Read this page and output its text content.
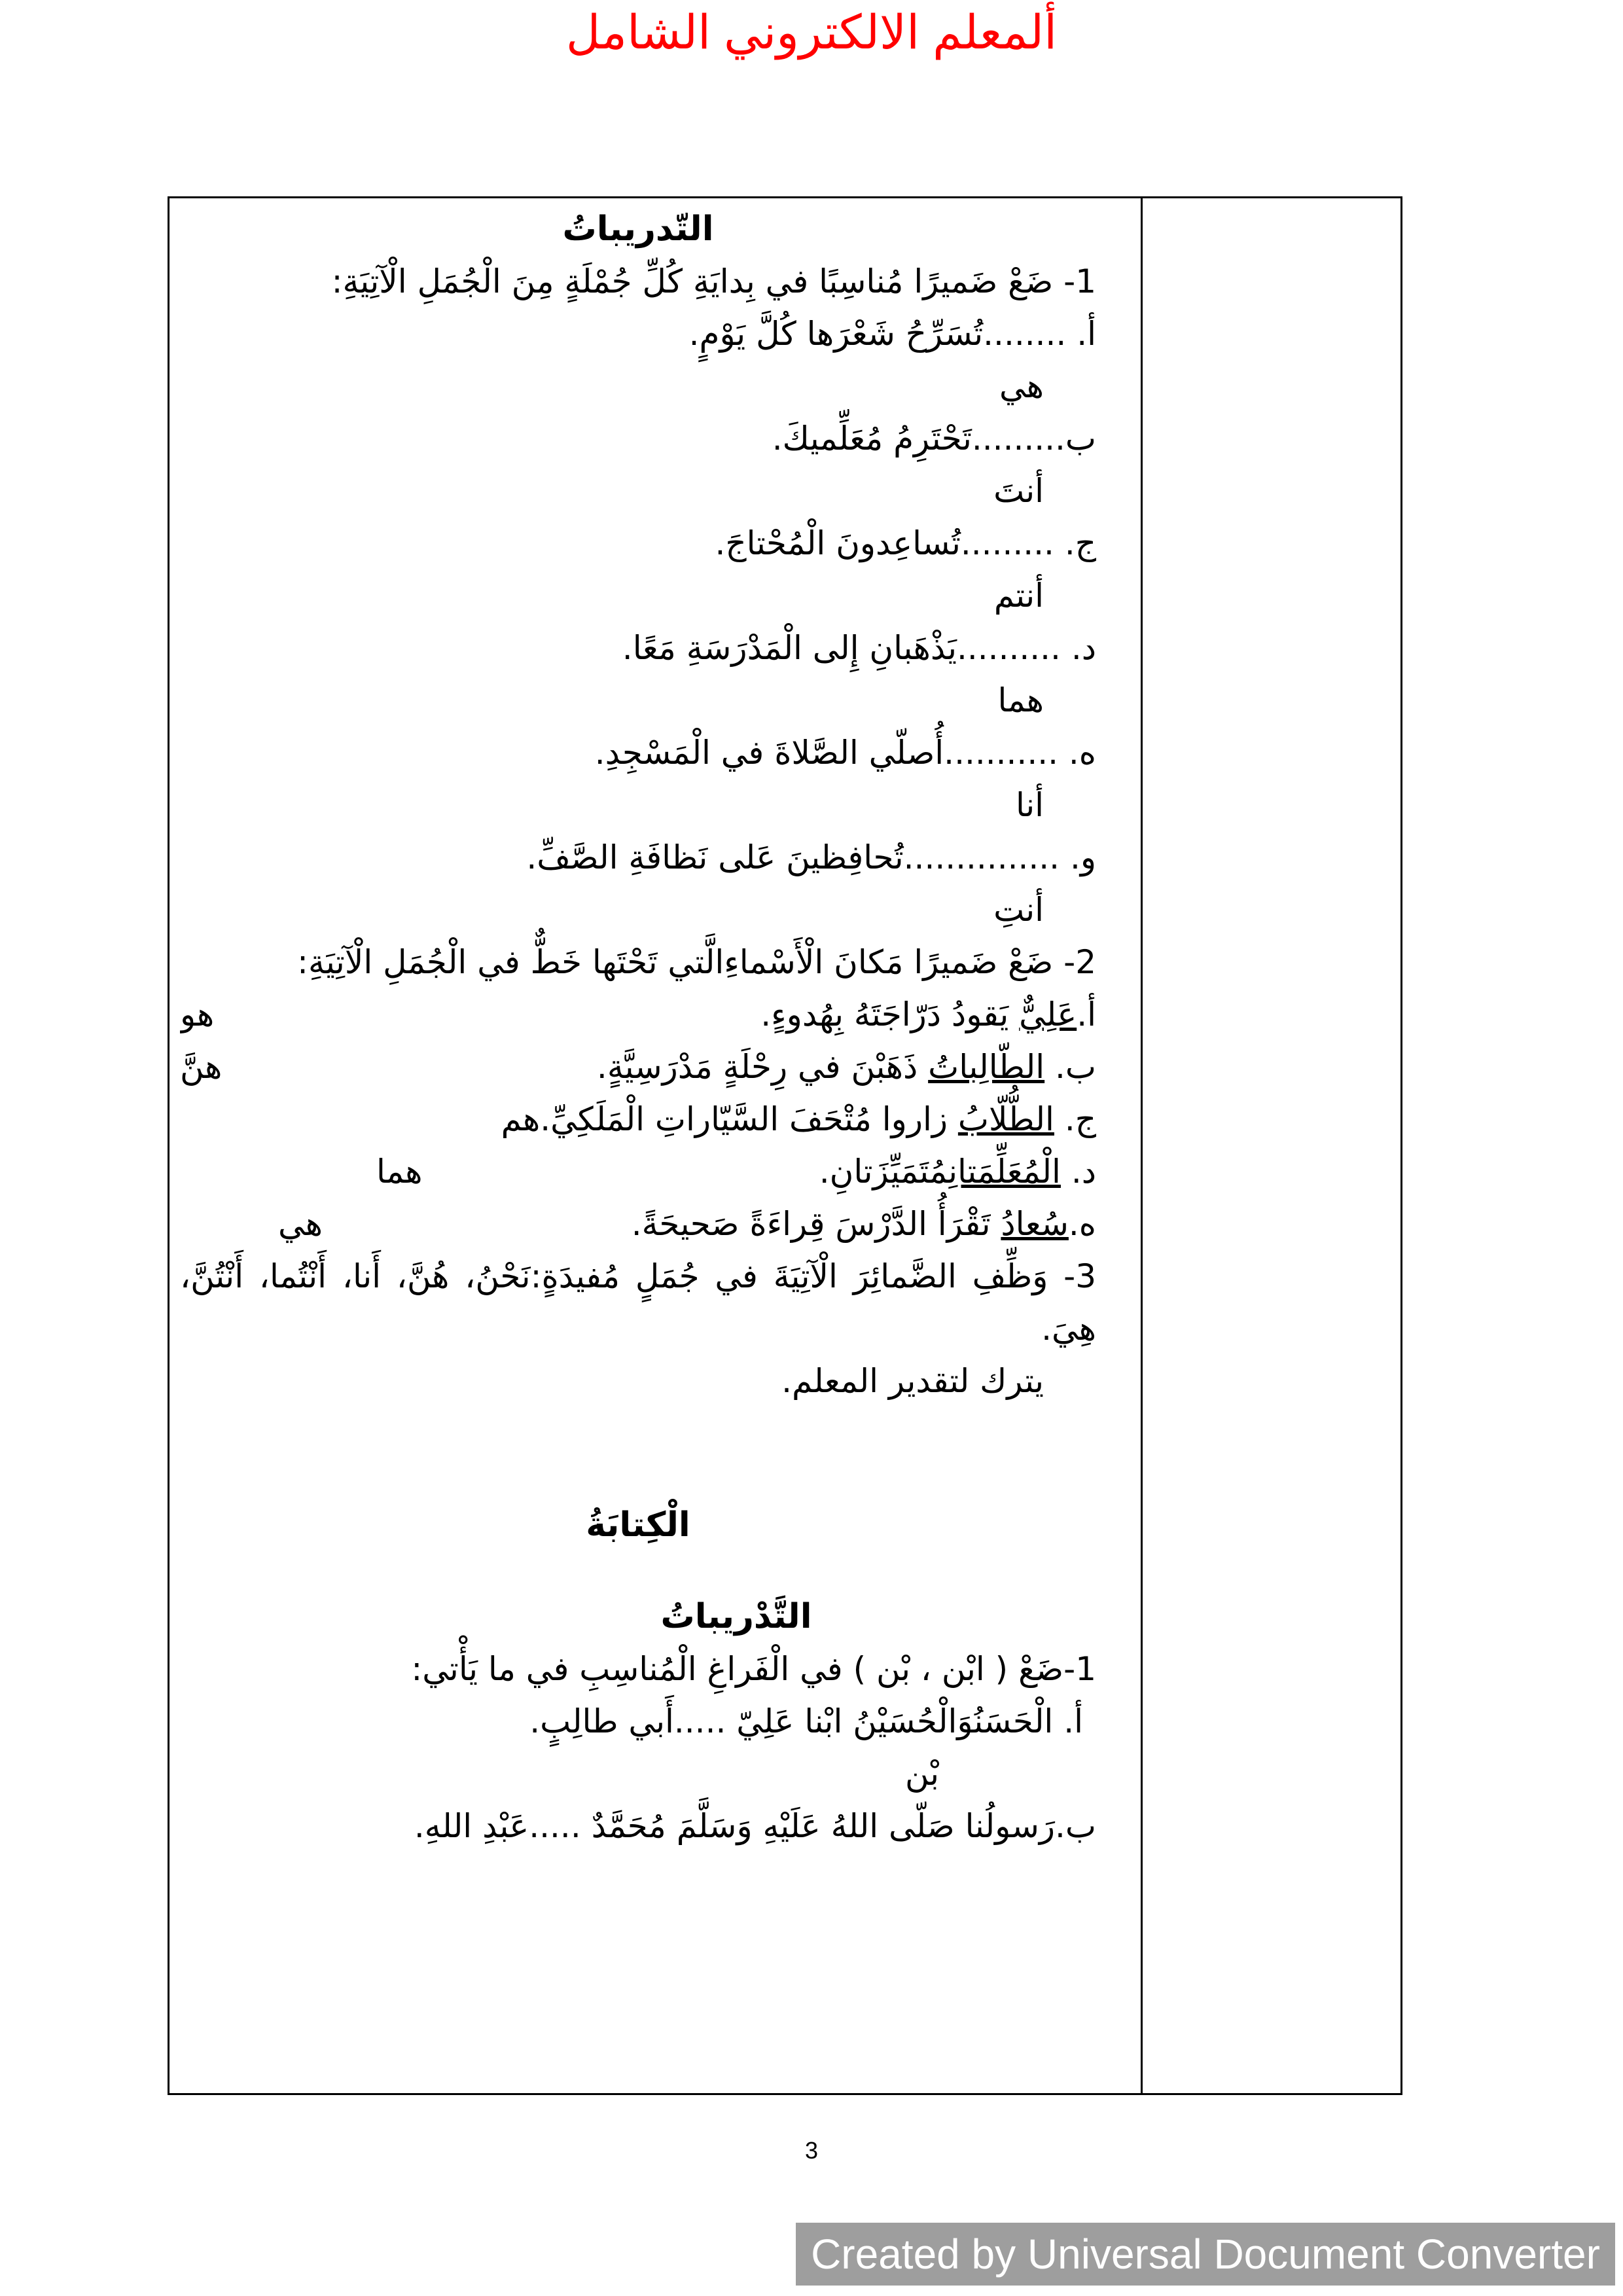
ألمعلم الالكتروني الشامل

التّدريباتُ

1- ضَعْ ضَميرًا مُناسِبًا في بِدايَةِ كُلِّ جُمْلَةٍ مِنَ الْجُمَلِ الْآتِيَةِ:

أ. ........تُسَرِّحُ شَعْرَها كُلَّ يَوْمٍ.

هي

ب.........تَحْتَرِمُ مُعَلِّميكَ.

أنتَ

ج. .........تُساعِدونَ الْمُحْتاجَ.

أنتم

د. ..........يَذْهَبانِ إِلى الْمَدْرَسَةِ مَعًا.

هما

ه. ...........أُصلّي الصَّلاةَ في الْمَسْجِدِ.

أنا

و. ...............تُحافِظينَ عَلى نَظافَةِ الصَّفِّ.

أنتِ

2- ضَعْ ضَميرًا مَكانَ الْأَسْماءِالَّتي تَحْتَها خَطٌّ في الْجُمَلِ الْآتِيَةِ:

أ.عَلِيٌّ يَقودُ دَرّاجَتَهُ بِهُدوءٍ.
هو

ب. الطّالِباتُ ذَهَبْنَ في رِحْلَةٍ مَدْرَسِيَّةٍ.
هنَّ

ج. الطُّلّابُ زاروا مُتْحَفَ السَّيّاراتِ الْمَلَكِيِّ.هم

د. الْمُعَلِّمَتانِمُتَمَيِّزَتانِ.
هما

ه.سُعادُ تَقْرَأُ الدَّرْسَ قِراءَةً صَحيحَةً.
هي

3- وَظِّفِ الضَّمائِرَ الْآتِيَةَ في جُمَلٍ مُفيدَةٍ:نَحْنُ، هُنَّ، أَنا، أَنْتُما، أَنْتُنَّ، هِيَ.

يترك لتقدير المعلم.

الْكِتابَةُ

التَّدْريباتُ

1-ضَعْ ( ابْن ، بْن ) في الْفَراغِ الْمُناسِبِ في ما يَأْتي:

أ. الْحَسَنُوَالْحُسَيْنُ ابْنا عَلِيّ .....أَبي طالِبٍ.

بْن

ب.رَسولُنا صَلّى اللهُ عَلَيْهِ وَسَلَّمَ مُحَمَّدٌ .....عَبْدِ اللهِ.

3
Created by Universal Document Converter
